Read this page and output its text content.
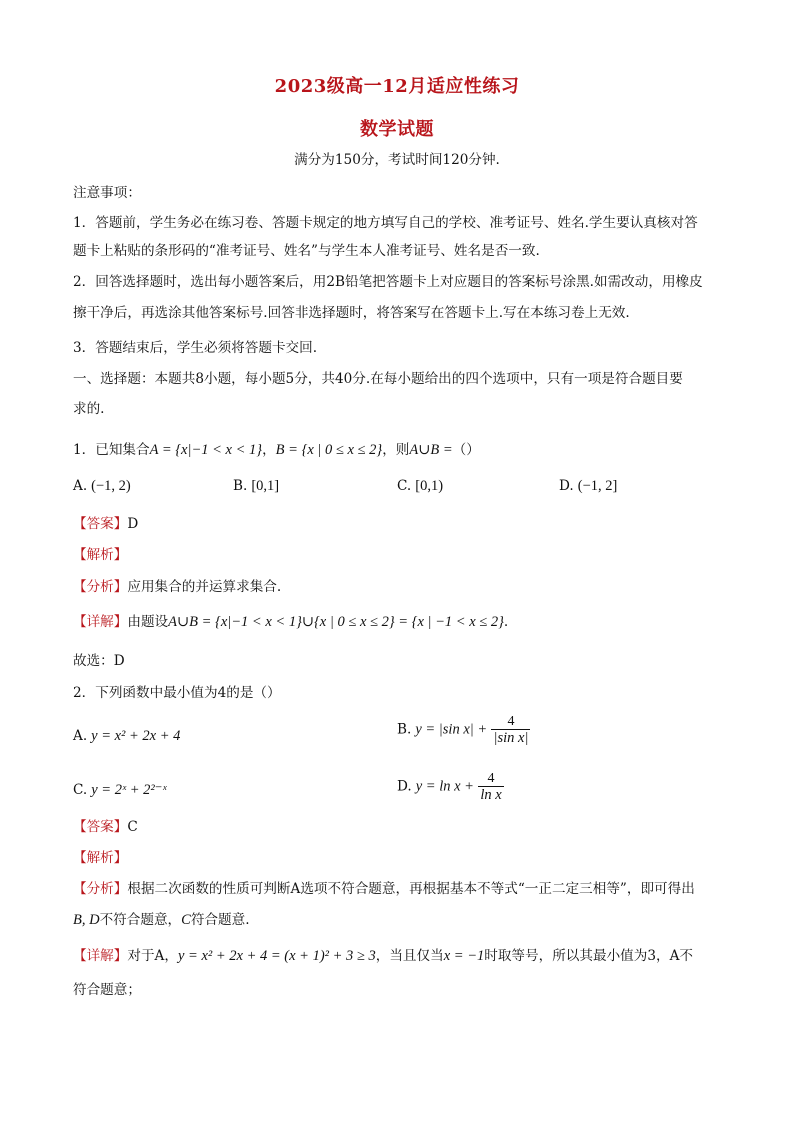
2023级高一12月适应性练习
数学试题
满分为150分，考试时间120分钟.
注意事项：
1．答题前，学生务必在练习卷、答题卡规定的地方填写自己的学校、准考证号、姓名.学生要认真核对答
题卡上粘贴的条形码的“准考证号、姓名”与学生本人准考证号、姓名是否一致.
2．回答选择题时，选出每小题答案后，用2B铅笔把答题卡上对应题目的答案标号涂黑.如需改动，用橡皮
擦干净后，再选涂其他答案标号.回答非选择题时，将答案写在答题卡上.写在本练习卷上无效.
3．答题结束后，学生必须将答题卡交回.
一、选择题：本题共8小题，每小题5分，共40分.在每小题给出的四个选项中，只有一项是符合题目要
求的.
1．已知集合A = {x|−1 < x < 1}，B = {x | 0 ≤ x ≤ 2}，则A∪B =（）
A. (−1, 2)	B. [0,1]	C. [0,1)	D. (−1, 2]
【答案】D
【解析】
【分析】应用集合的并运算求集合.
【详解】由题设A∪B = {x|−1 < x < 1}∪{x | 0 ≤ x ≤ 2} = {x | −1 < x ≤ 2}.
故选：D
2．下列函数中最小值为4的是（）
A. y = x² + 2x + 4	B. y = |sin $x| + \frac{4}{\text{|sin x|}}$
C. y = 2ˣ + 2²⁻ˣ	D. $y = \ln x + \frac{4}{\text{ln x}}$
【答案】C
【解析】
【分析】根据二次函数的性质可判断A选项不符合题意，再根据基本不等式“一正二定三相等”，即可得出
B, D不符合题意，C符合题意.
【详解】对于A，y = x² + 2x + 4 = (x + 1)² + 3 ≥ 3，当且仅当x = −1时取等号，所以其最小值为3，A不
符合题意；
